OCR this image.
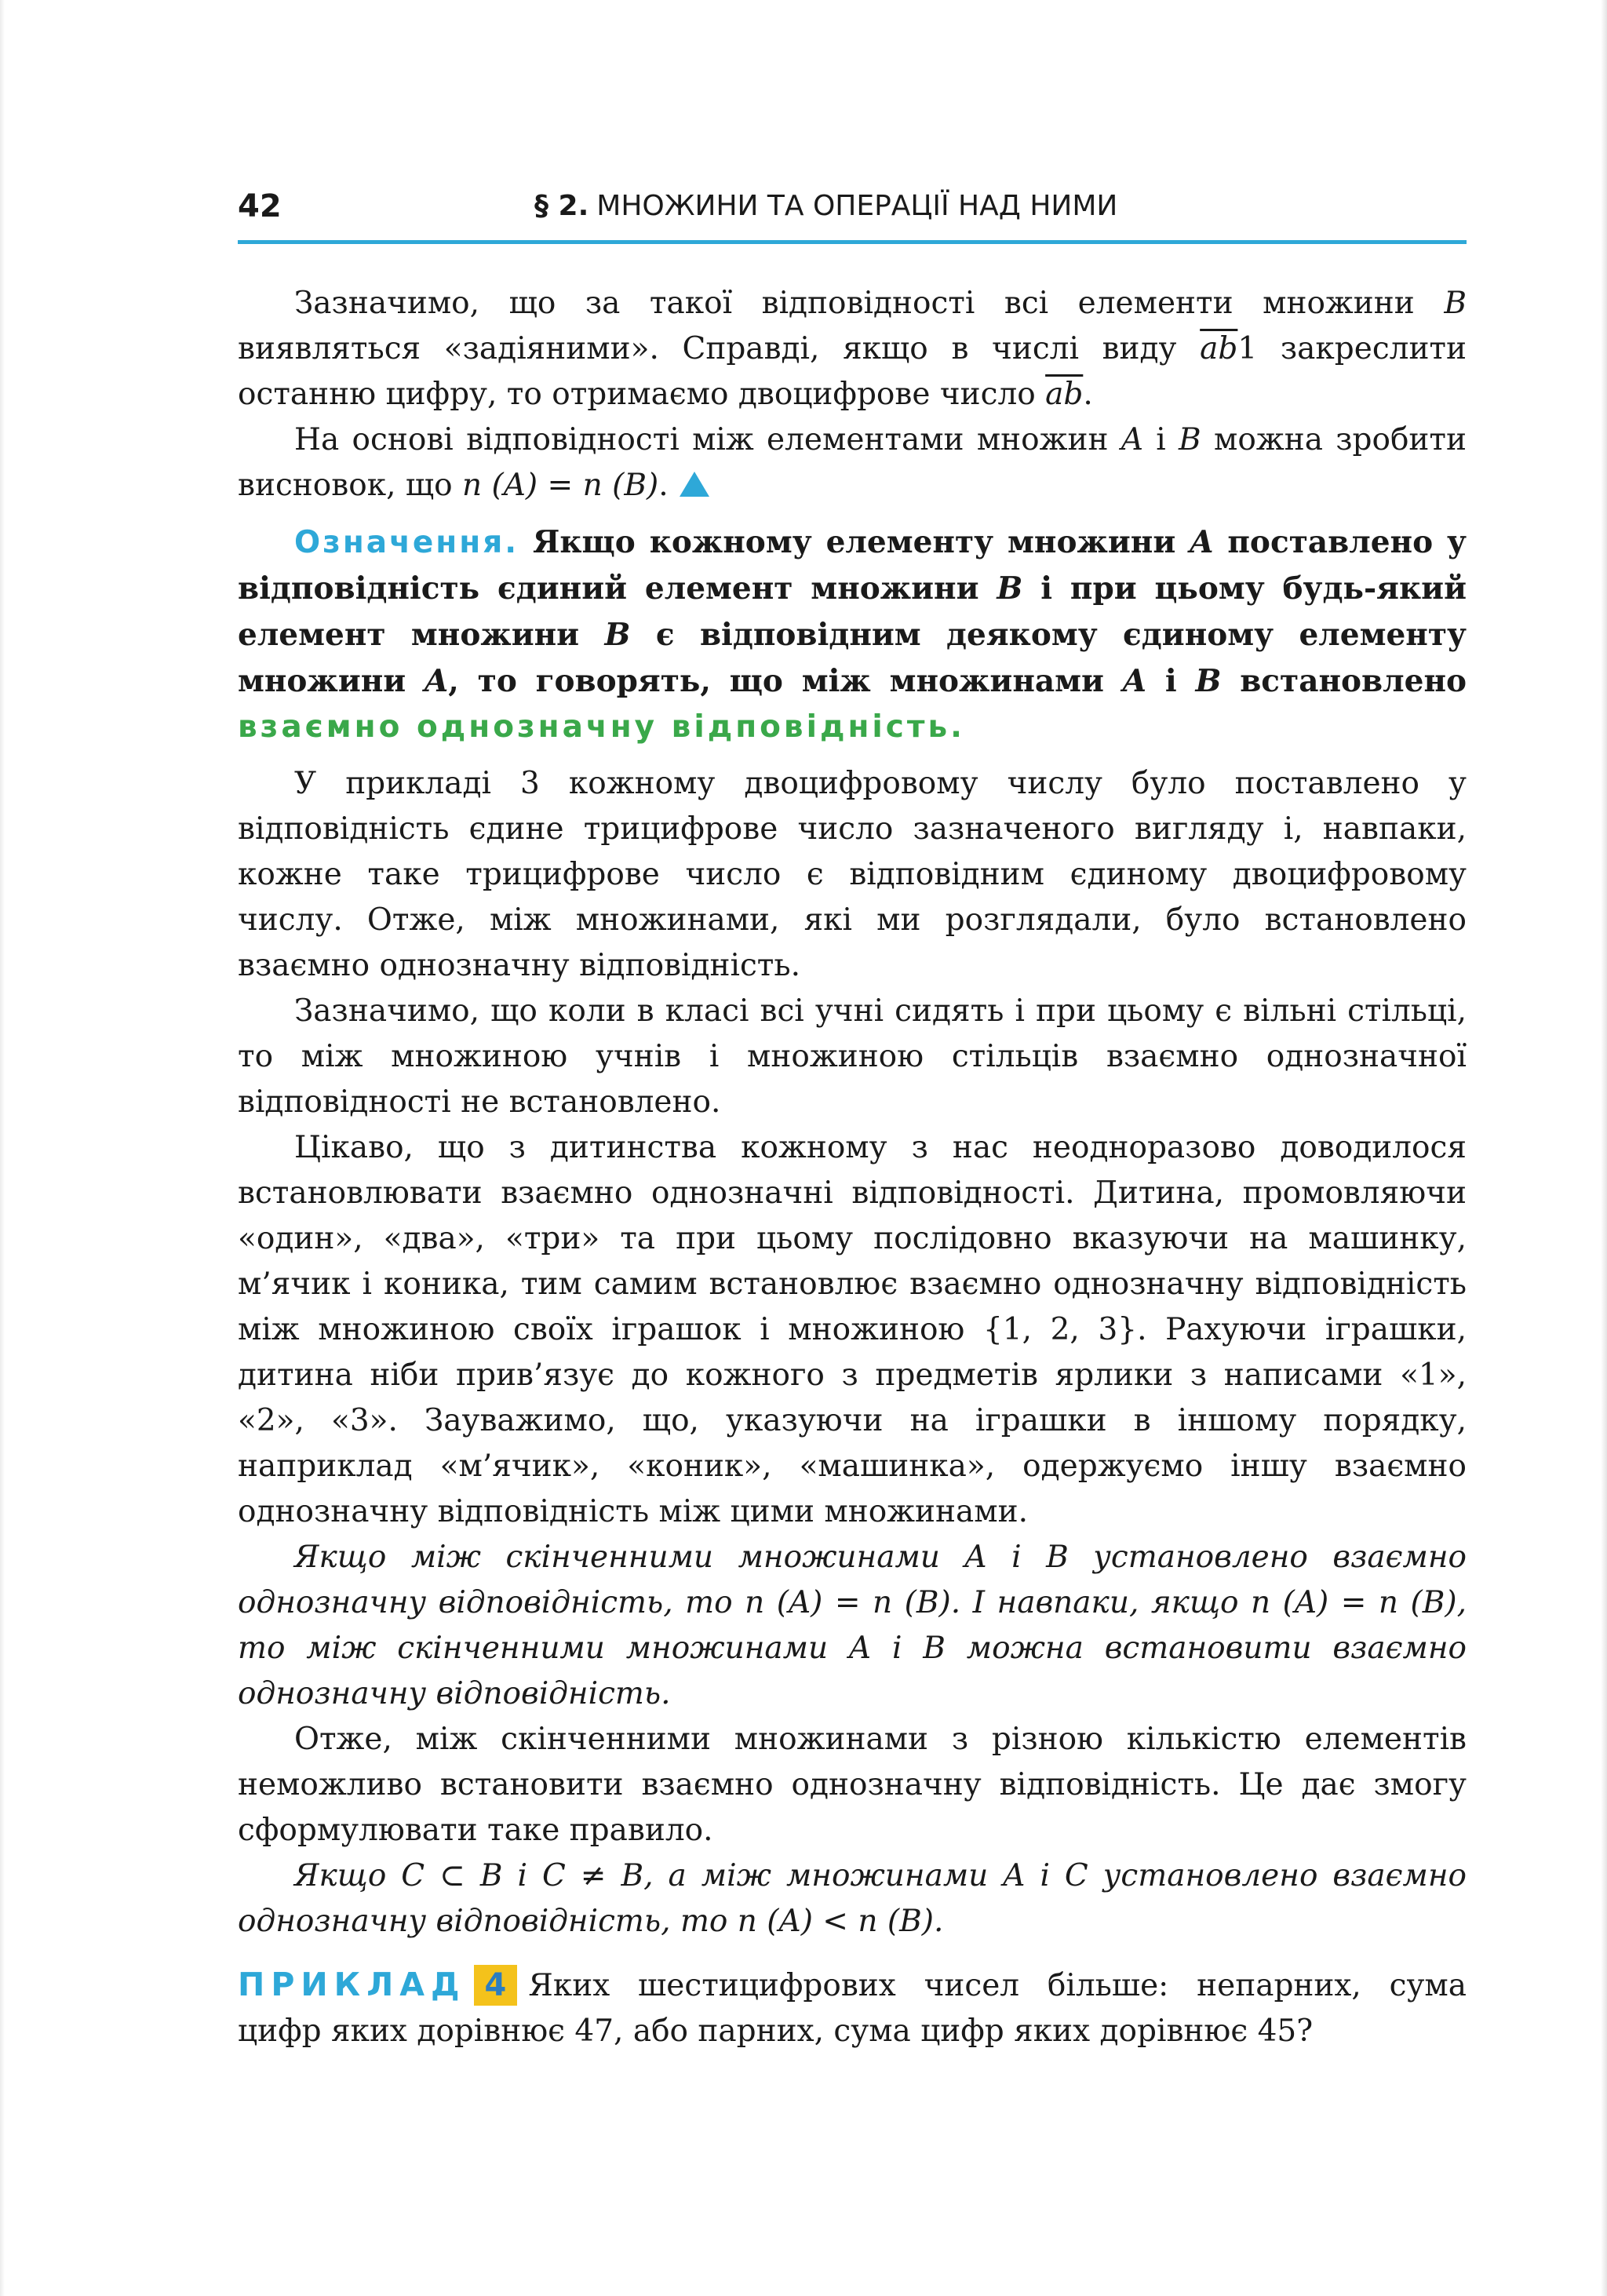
42	§ 2. МНОЖИНИ ТА ОПЕРАЦІЇ НАД НИМИ

Зазначимо, що за такої відповідності всі елементи множини B виявляться «задіяними». Справді, якщо в числі виду $\overline{ab}1$ закреслити останню цифру, то отримаємо двоцифрове число $\overline{ab}$.

На основі відповідності між елементами множин A і B можна зробити висновок, що n (A) = n (B).

Означення. Якщо кожному елементу множини A поставлено у відповідність єдиний елемент множини B і при цьому будь-який елемент множини B є відповідним деякому єдиному елементу множини A, то говорять, що між множинами A і B встановлено взаємно однозначну відповідність.

У прикладі 3 кожному двоцифровому числу було поставлено у відповідність єдине трицифрове число зазначеного вигляду і, навпаки, кожне таке трицифрове число є відповідним єдиному двоцифровому числу. Отже, між множинами, які ми розглядали, було встановлено взаємно однозначну відповідність.

Зазначимо, що коли в класі всі учні сидять і при цьому є вільні стільці, то між множиною учнів і множиною стільців взаємно однозначної відповідності не встановлено.

Цікаво, що з дитинства кожному з нас неодноразово доводилося встановлювати взаємно однозначні відповідності. Дитина, промовляючи «один», «два», «три» та при цьому послідовно вказуючи на машинку, м’ячик і коника, тим самим встановлює взаємно однозначну відповідність між множиною своїх іграшок і множиною {1, 2, 3}. Рахуючи іграшки, дитина ніби прив’язує до кожного з предметів ярлики з написами «1», «2», «3». Зауважимо, що, указуючи на іграшки в іншому порядку, наприклад «м’ячик», «коник», «машинка», одержуємо іншу взаємно однозначну відповідність між цими множинами.

Якщо між скінченними множинами A і B установлено взаємно однозначну відповідність, то n (A) = n (B). І навпаки, якщо n (A) = n (B), то між скінченними множинами A і B можна встановити взаємно однозначну відповідність.

Отже, між скінченними множинами з різною кількістю елементів неможливо встановити взаємно однозначну відповідність. Це дає змогу сформулювати таке правило.

Якщо C ⊂ B і C ≠ B, а між множинами A і C установлено взаємно однозначну відповідність, то n (A) < n (B).

ПРИКЛАД 4 Яких шестицифрових чисел більше: непарних, сума цифр яких дорівнює 47, або парних, сума цифр яких дорівнює 45?
